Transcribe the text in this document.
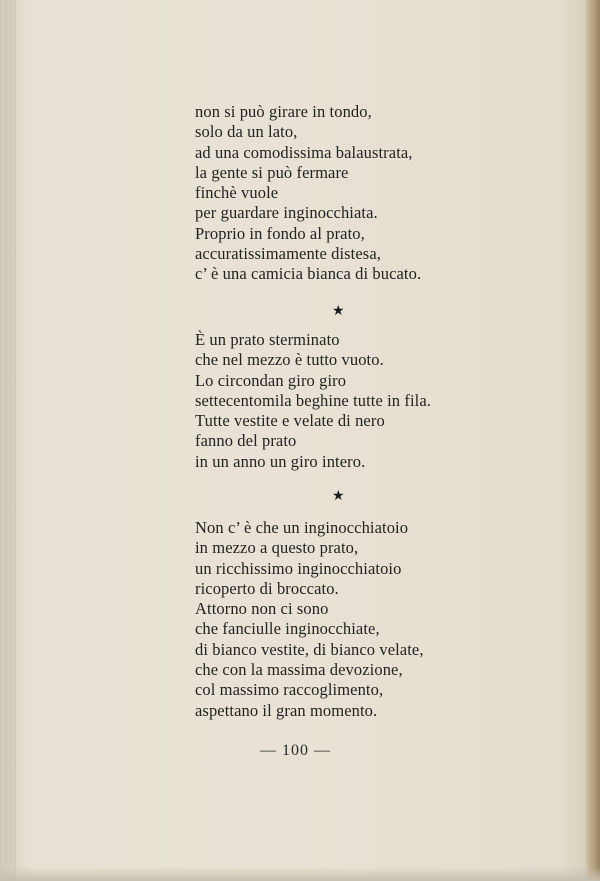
non si può girare in tondo,
solo da un lato,
ad una comodissima balaustrata,
la gente si può fermare
finchè vuole
per guardare inginocchiata.
Proprio in fondo al prato,
accuratissimamente distesa,
c’ è una camicia bianca di bucato.
★
È un prato sterminato
che nel mezzo è tutto vuoto.
Lo circondan giro giro
settecentomila beghine tutte in fila.
Tutte vestite e velate di nero
fanno del prato
in un anno un giro intero.
★
Non c’ è che un inginocchiatoio
in mezzo a questo prato,
un ricchissimo inginocchiatoio
ricoperto di broccato.
Attorno non ci sono
che fanciulle inginocchiate,
di bianco vestite, di bianco velate,
che con la massima devozione,
col massimo raccoglimento,
aspettano il gran momento.
— 100 —
